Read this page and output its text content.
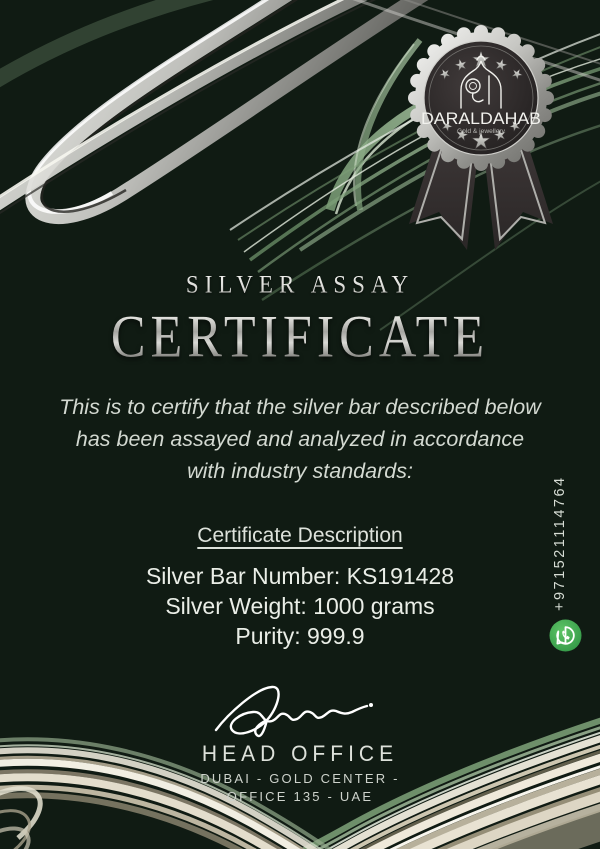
DARALDAHAB
Gold & jewellery
SILVER ASSAY
CERTIFICATE
This is to certify that the silver bar described below
has been assayed and analyzed in accordance
with industry standards:
Certificate Description
Silver Bar Number: KS191428
Silver Weight: 1000 grams
Purity: 999.9
+971521114764
HEAD OFFICE
DUBAI - GOLD CENTER -
OFFICE 135 - UAE
